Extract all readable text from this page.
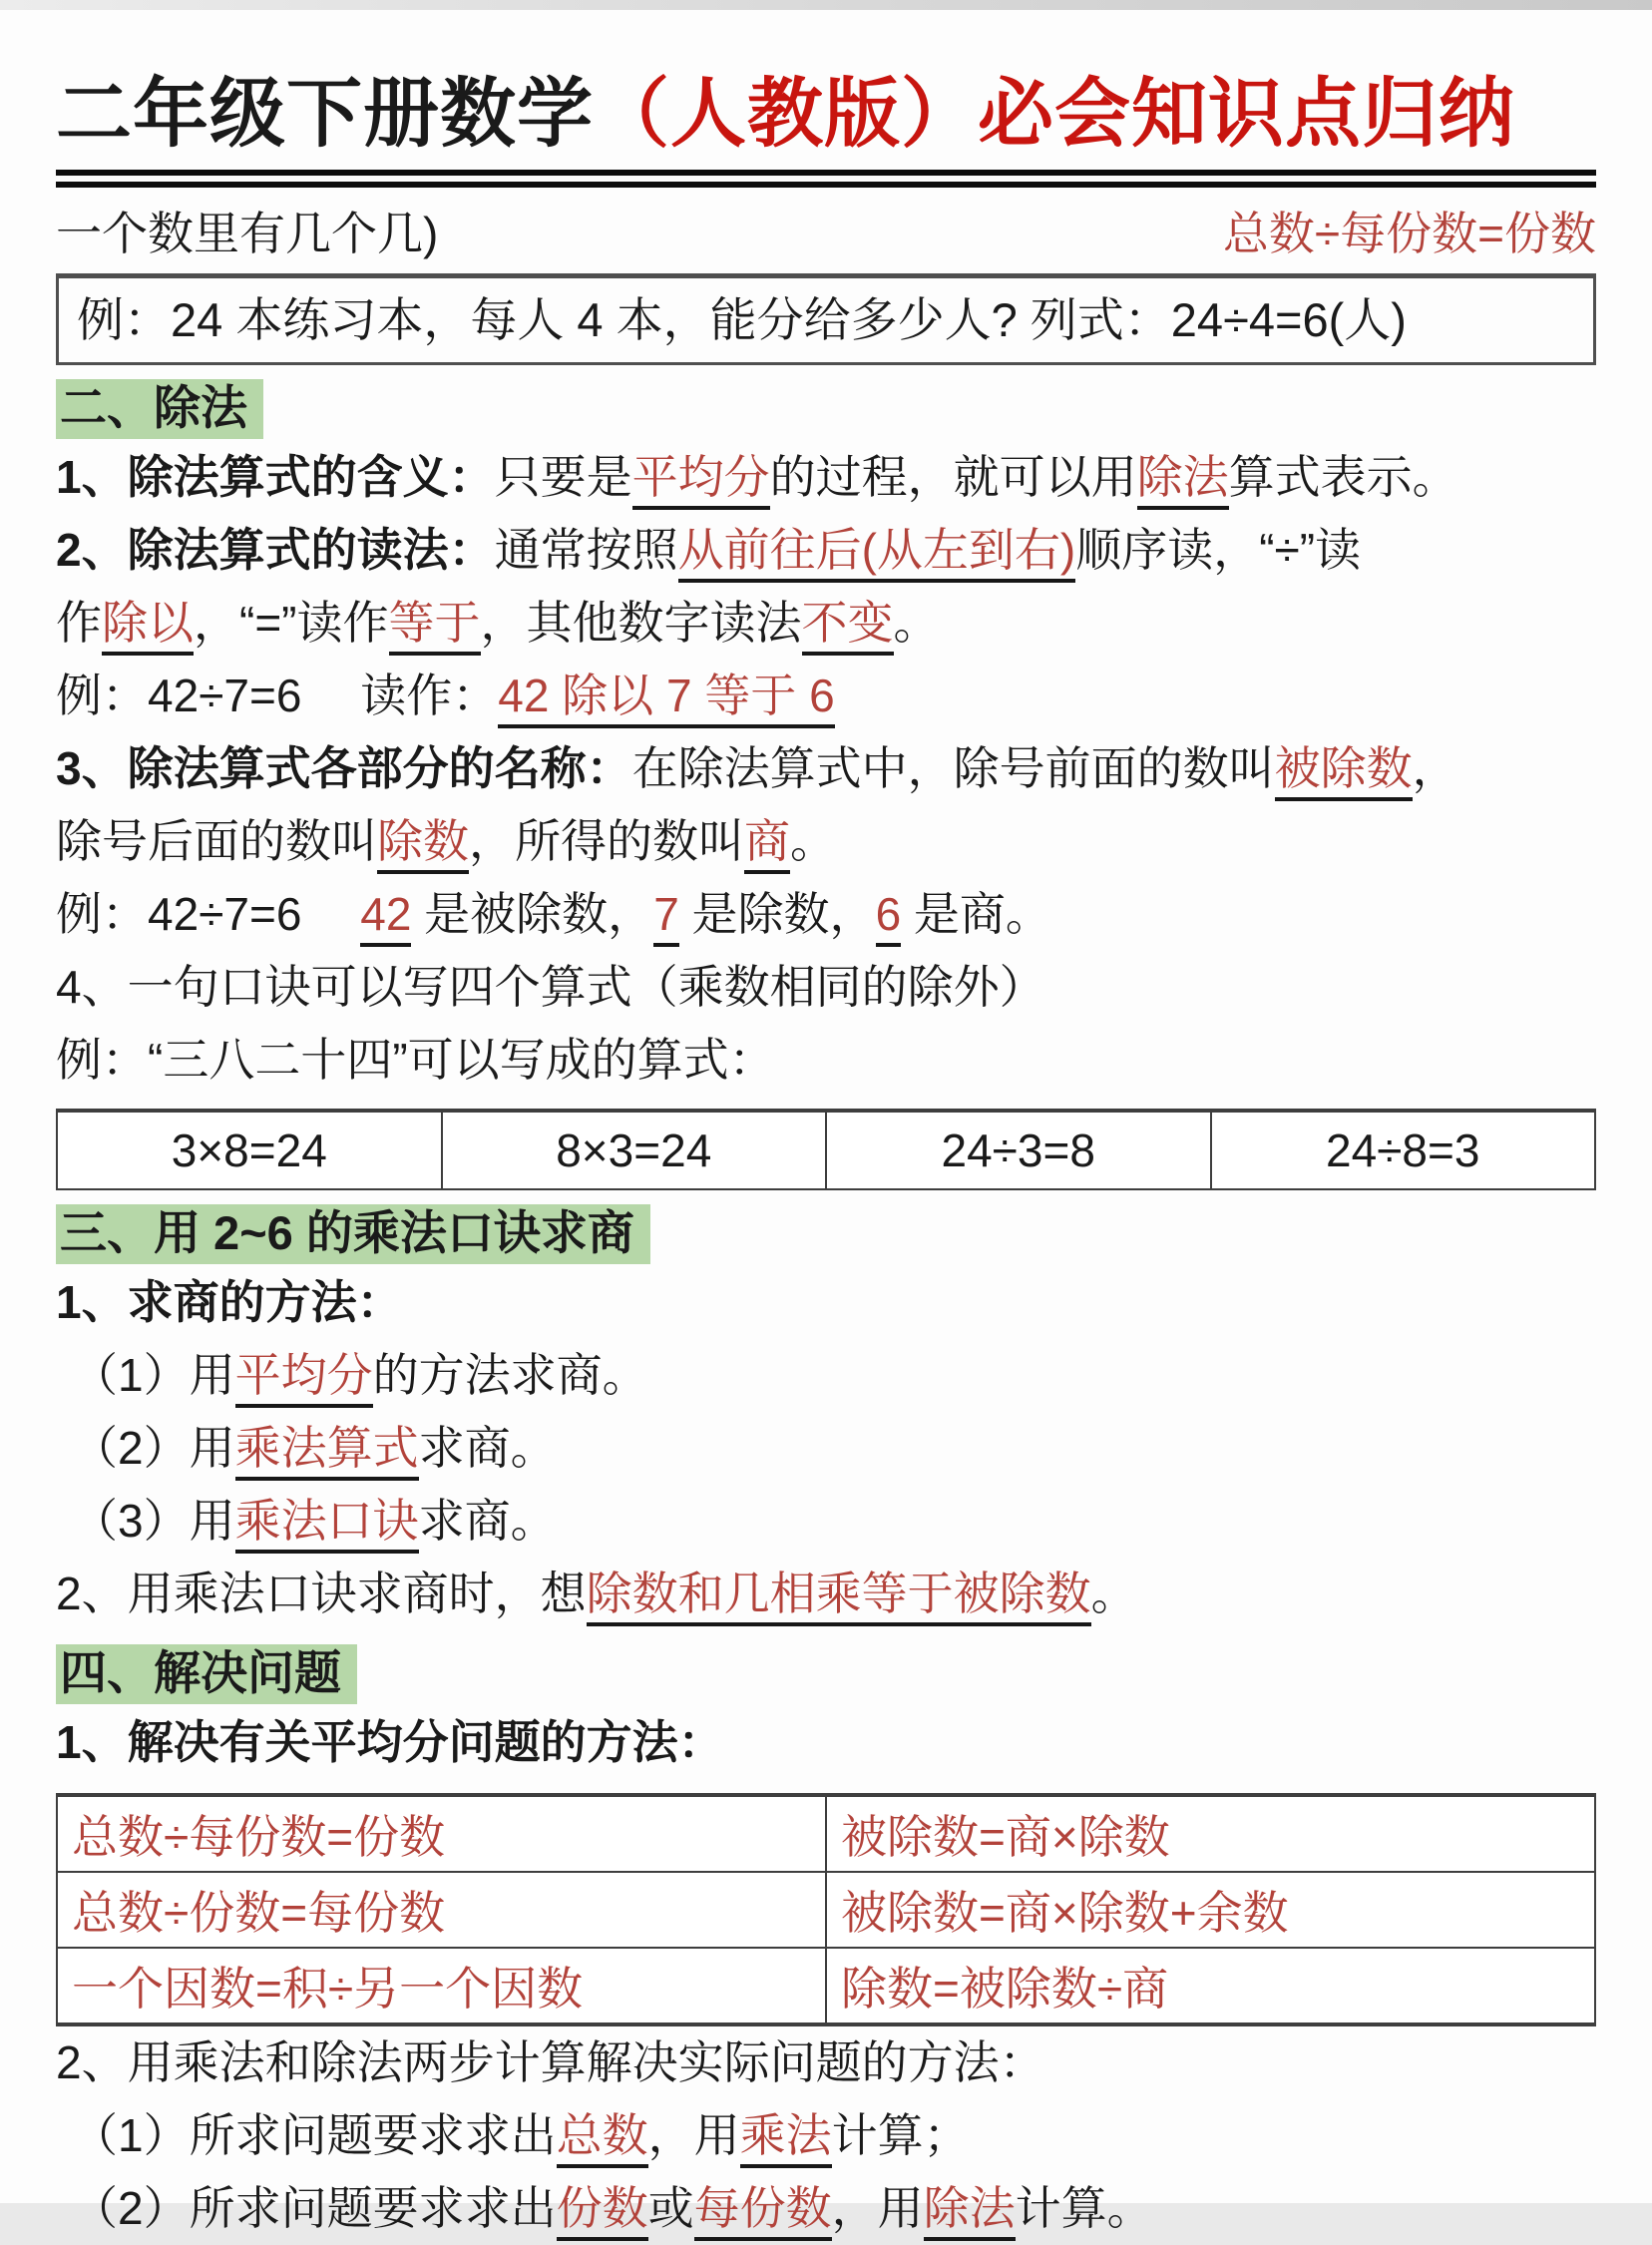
二年级下册数学（人教版）必会知识点归纳
一个数里有几个几)	总数÷每份数=份数
例：24 本练习本，每人 4 本，能分给多少人? 列式：24÷4=6(人)
二、除法

1、除法算式的含义：只要是平均分的过程，就可以用除法算式表示。

2、除法算式的读法：通常按照从前往后(从左到右)顺序读，“÷”读

作除以，“=”读作等于，其他数字读法不变。

例：42÷7=6　 读作：42 除以 7 等于 6

3、除法算式各部分的名称：在除法算式中，除号前面的数叫被除数，

除号后面的数叫除数，所得的数叫商。

例：42÷7=6　 42 是被除数，7 是除数，6 是商。

4、一句口诀可以写四个算式（乘数相同的除外）

例：“三八二十四”可以写成的算式：

3×8=24	8×3=24	24÷3=8	24÷8=3
三、用 2~6 的乘法口诀求商

1、求商的方法：

（1）用平均分的方法求商。

（2）用乘法算式求商。

（3）用乘法口诀求商。

2、用乘法口诀求商时，想除数和几相乘等于被除数。

四、解决问题

1、解决有关平均分问题的方法：

总数÷每份数=份数	被除数=商×除数
总数÷份数=每份数	被除数=商×除数+余数
一个因数=积÷另一个因数	除数=被除数÷商

2、用乘法和除法两步计算解决实际问题的方法：

（1）所求问题要求求出总数，用乘法计算；

（2）所求问题要求求出份数或每份数，用除法计算。
